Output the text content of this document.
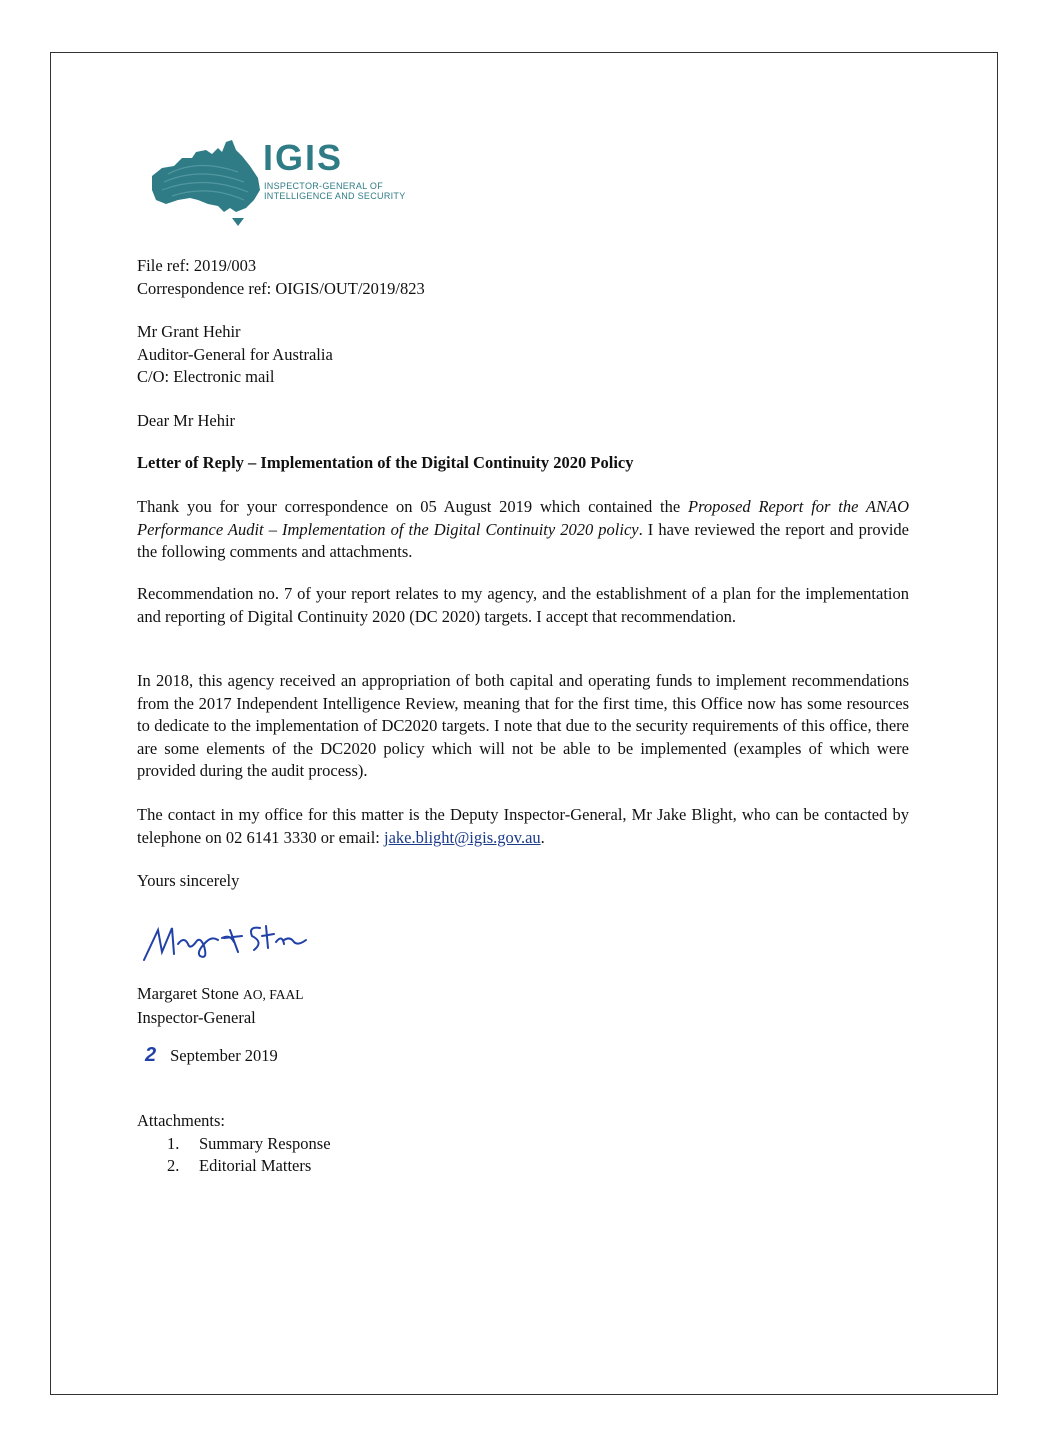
IGIS
INSPECTOR-GENERAL OF
INTELLIGENCE AND SECURITY
File ref: 2019/003
Correspondence ref: OIGIS/OUT/2019/823
Mr Grant Hehir
Auditor-General for Australia
C/O: Electronic mail
Dear Mr Hehir
Letter of Reply – Implementation of the Digital Continuity 2020 Policy
Thank you for your correspondence on 05 August 2019 which contained the Proposed Report for the ANAO Performance Audit – Implementation of the Digital Continuity 2020 policy. I have reviewed the report and provide the following comments and attachments.
Recommendation no. 7 of your report relates to my agency, and the establishment of a plan for the implementation and reporting of Digital Continuity 2020 (DC 2020) targets. I accept that recommendation.
In 2018, this agency received an appropriation of both capital and operating funds to implement recommendations from the 2017 Independent Intelligence Review, meaning that for the first time, this Office now has some resources to dedicate to the implementation of DC2020 targets. I note that due to the security requirements of this office, there are some elements of the DC2020 policy which will not be able to be implemented (examples of which were provided during the audit process).
The contact in my office for this matter is the Deputy Inspector-General, Mr Jake Blight, who can be contacted by telephone on 02 6141 3330 or email: jake.blight@igis.gov.au.
Yours sincerely
Margaret Stone AO, FAAL
Inspector-General
2 September 2019
Attachments:
1.	Summary Response
2.	Editorial Matters
